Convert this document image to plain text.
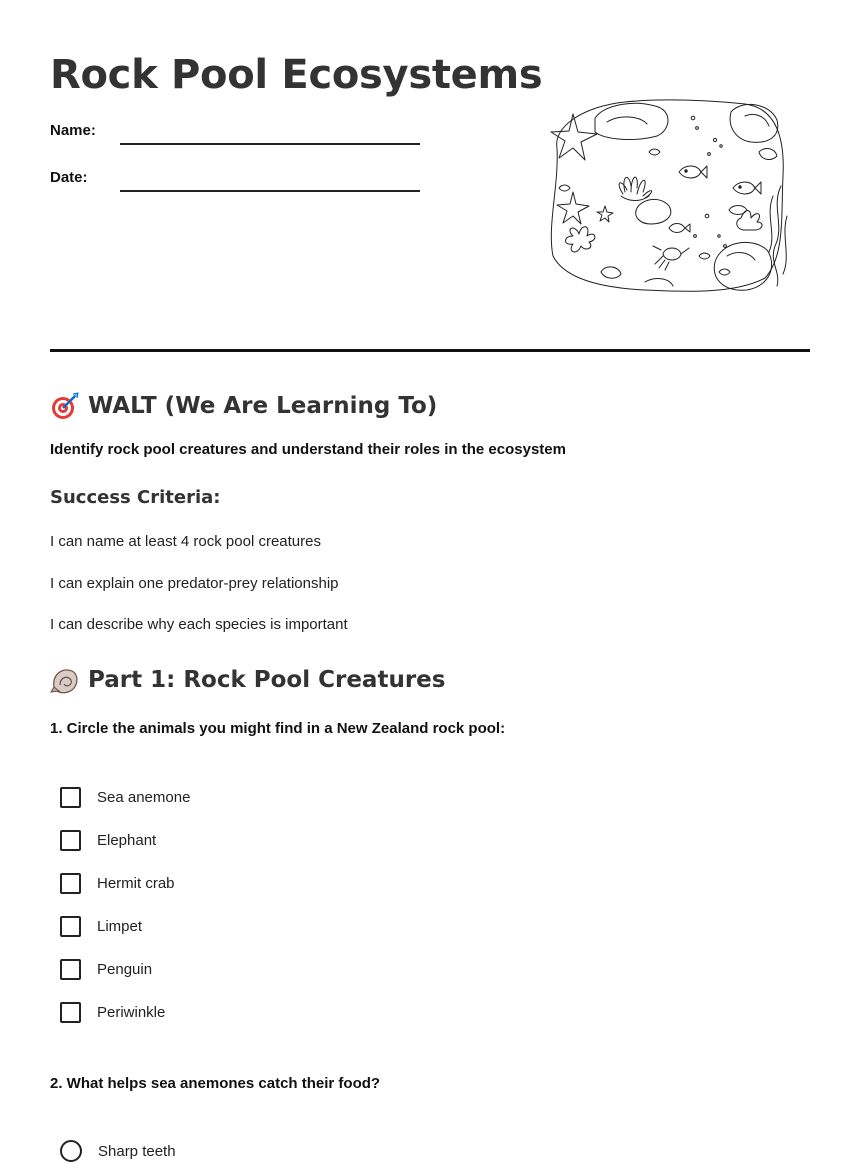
Rock Pool Ecosystems
Name:
Date:
WALT (We Are Learning To)
Identify rock pool creatures and understand their roles in the ecosystem
Success Criteria:
I can name at least 4 rock pool creatures
I can explain one predator-prey relationship
I can describe why each species is important
Part 1: Rock Pool Creatures
1. Circle the animals you might find in a New Zealand rock pool:
Sea anemone
Elephant
Hermit crab
Limpet
Penguin
Periwinkle
2. What helps sea anemones catch their food?
Sharp teeth
